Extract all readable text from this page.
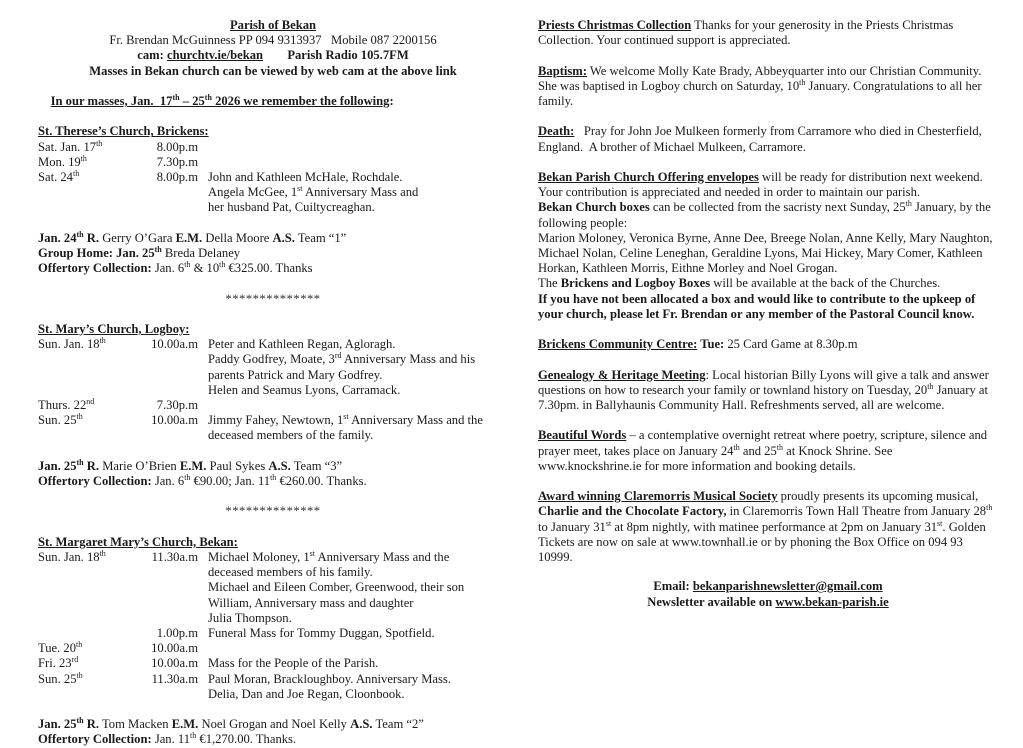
Parish of Bekan
Fr. Brendan McGuinness PP 094 9313937   Mobile 087 2200156
cam: churchtv.ie/bekan Parish Radio 105.7FM
Masses in Bekan church can be viewed by web cam at the above link

In our masses, Jan.  17th – 25th 2026 we remember the following:

St. Therese’s Church, Brickens:
Sat. Jan. 17th	8.00p.m
Mon. 19th	7.30p.m
Sat. 24th	8.00p.m John and Kathleen McHale, Rochdale.
Angela McGee, 1st Anniversary Mass and
her husband Pat, Cuiltycreaghan.
Jan. 24th R. Gerry O’Gara E.M. Della Moore A.S. Team “1”
Group Home: Jan. 25th Breda Delaney
Offertory Collection: Jan. 6th & 10th €325.00. Thanks
**************
St. Mary’s Church, Logboy:
Sun. Jan. 18th	10.00a.m Peter and Kathleen Regan, Agloragh.
Paddy Godfrey, Moate, 3rd Anniversary Mass and his
parents Patrick and Mary Godfrey.
Helen and Seamus Lyons, Carramack.
Thurs. 22nd	7.30p.m
Sun. 25th	10.00a.m Jimmy Fahey, Newtown, 1st Anniversary Mass and the
deceased members of the family.
Jan. 25th R. Marie O’Brien E.M. Paul Sykes A.S. Team “3”
Offertory Collection: Jan. 6th €90.00; Jan. 11th €260.00. Thanks.
**************
St. Margaret Mary’s Church, Bekan:
Sun. Jan. 18th	11.30a.m Michael Moloney, 1st Anniversary Mass and the
deceased members of his family.
Michael and Eileen Comber, Greenwood, their son
William, Anniversary mass and daughter
Julia Thompson.
1.00p.m Funeral Mass for Tommy Duggan, Spotfield.
Tue. 20th	10.00a.m
Fri. 23rd	10.00a.m Mass for the People of the Parish.
Sun. 25th	11.30a.m Paul Moran, Brackloughboy. Anniversary Mass.
Delia, Dan and Joe Regan, Cloonbook.
Jan. 25th R. Tom Macken E.M. Noel Grogan and Noel Kelly A.S. Team “2”
Offertory Collection: Jan. 11th €1,270.00. Thanks.

Priests Christmas Collection Thanks for your generosity in the Priests Christmas Collection. Your continued support is appreciated.

Baptism: We welcome Molly Kate Brady, Abbeyquarter into our Christian Community. She was baptised in Logboy church on Saturday, 10th January. Congratulations to all her family.

Death:   Pray for John Joe Mulkeen formerly from Carramore who died in Chesterfield, England.  A brother of Michael Mulkeen, Carramore.

Bekan Parish Church Offering envelopes will be ready for distribution next weekend. Your contribution is appreciated and needed in order to maintain our parish.

Bekan Church boxes can be collected from the sacristy next Sunday, 25th January, by the following people:

Marion Moloney, Veronica Byrne, Anne Dee, Breege Nolan, Anne Kelly, Mary Naughton, Michael Nolan, Celine Leneghan, Geraldine Lyons, Mai Hickey, Mary Comer, Kathleen Horkan, Kathleen Morris, Eithne Morley and Noel Grogan.

The Brickens and Logboy Boxes will be available at the back of the Churches.

If you have not been allocated a box and would like to contribute to the upkeep of your church, please let Fr. Brendan or any member of the Pastoral Council know.

Brickens Community Centre: Tue: 25 Card Game at 8.30p.m

Genealogy & Heritage Meeting: Local historian Billy Lyons will give a talk and answer questions on how to research your family or townland history on Tuesday, 20th January at 7.30pm. in Ballyhaunis Community Hall. Refreshments served, all are welcome.

Beautiful Words – a contemplative overnight retreat where poetry, scripture, silence and prayer meet, takes place on January 24th and 25th at Knock Shrine. See www.knockshrine.ie for more information and booking details.

Award winning Claremorris Musical Society proudly presents its upcoming musical, Charlie and the Chocolate Factory, in Claremorris Town Hall Theatre from January 28th to January 31st at 8pm nightly, with matinee performance at 2pm on January 31st. Golden Tickets are now on sale at www.townhall.ie or by phoning the Box Office on 094 93 10999.

Email: bekanparishnewsletter@gmail.com
Newsletter available on www.bekan-parish.ie
